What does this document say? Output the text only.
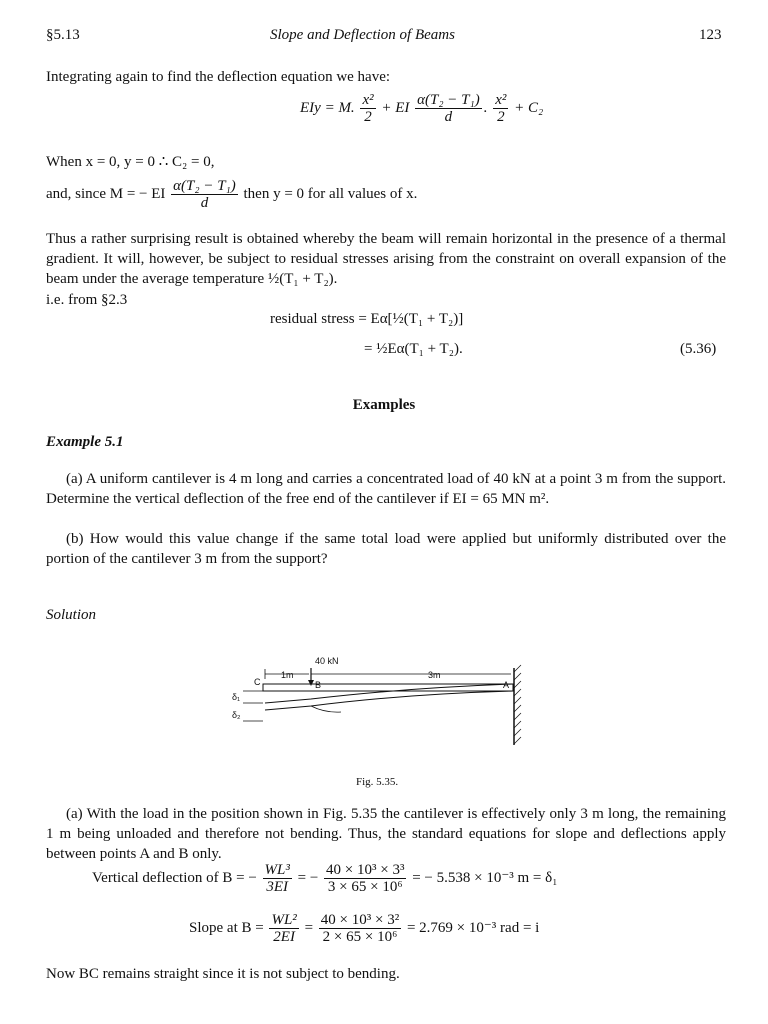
§5.13	Slope and Deflection of Beams	123
Integrating again to find the deflection equation we have:
EIy = M. $\frac{\text{x²}}{2}$ + EI $\frac{\text{α(T₂ − T₁)}}{d}$ . $\frac{\text{x²}}{2} + C_2$
When x = 0, y = 0 ∴ C₂ = 0,
and, since M = − EI $\frac{\text{α(T₂ − T₁)}}{d}$ then y = 0 for all values of x.
Thus a rather surprising result is obtained whereby the beam will remain horizontal in the presence of a thermal gradient. It will, however, be subject to residual stresses arising from the constraint on overall expansion of the beam under the average temperature ½(T₁ + T₂).
i.e. from §2.3
residual stress = Eα[½(T₁ + T₂)]
= ½Eα(T₁ + T₂).	(5.36)
Examples
Example 5.1
(a) A uniform cantilever is 4 m long and carries a concentrated load of 40 kN at a point 3 m from the support. Determine the vertical deflection of the free end of the cantilever if EI = 65 MN m².
(b) How would this value change if the same total load were applied but uniformly distributed over the portion of the cantilever 3 m from the support?
Solution
40 kN
C
1m	3m
B	A
δ₁
δ₂
Fig. 5.35.
(a) With the load in the position shown in Fig. 5.35 the cantilever is effectively only 3 m long, the remaining 1 m being unloaded and therefore not bending. Thus, the standard equations for slope and deflections apply between points A and B only.
Vertical deflection of B = − $\frac{\text{WL³}}{3EI}$ = − $\frac{\text{40 × 10³ × 3³}}{\text{3 × 65 × 10⁶}}$ = − 5.538 × 10⁻³ m = δ₁
Slope at $B = \frac{\text{WL²}}{2EI} = \frac{\text{40 × 10³ × 3²}}{\text{2 × 65 × 10⁶}} = 2.769 \times 10^{-3}$ rad = i
Now BC remains straight since it is not subject to bending.
